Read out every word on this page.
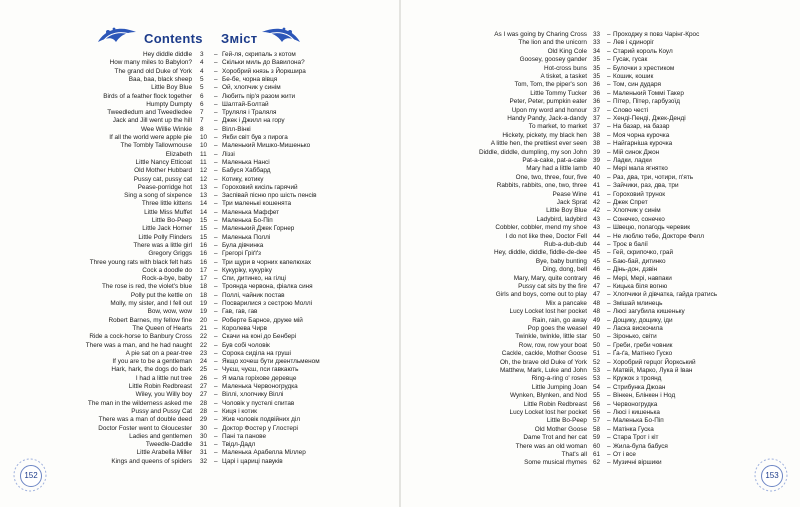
Contents Зміст
Hey diddle diddle 3 – Гей-ля, скрипаль з котом
How many miles to Babylon? 4 – Скільки миль до Вавилона?
The grand old Duke of York 4 – Хоробрий князь з Йоркшира
Baa, baa, black sheep 5 – Бе-бе, чорна вівця
Little Boy Blue 5 – Ой, хлопчик у синім
Birds of a feather flock together 6 – Любить пір'я разом жити
Humpty Dumpty 6 – Шалтай-Болтай
Tweedledum and Tweedledee 7 – Труляля і Траляля
Jack and Jill went up the hill 7 – Джек і Джилл на гору
Wee Willie Winkie 8 – Вілл-Вінкі
If all the world were apple pie 10 – Якби світ був з пирога
The Tombly Tallowmouse 10 – Маленький Мишко-Мишенько
Elizabeth 11 – Ліззі
Little Nancy Etticoat 11 – Маленька Нансі
Old Mother Hubbard 12 – Бабуся Хаббард
Pussy cat, pussy cat 12 – Котику, котику
Pease-porridge hot 13 – Гороховий кисіль гарячий
Sing a song of sixpence 13 – Заспівай пісню про шість пенсів
Three little kittens 14 – Три маленькі кошенята
Little Miss Muffet 14 – Маленька Маффет
Little Bo-Peep 15 – Маленька Бо-Піп
Little Jack Horner 15 – Маленький Джек Горнер
Little Polly Flinders 15 – Маленька Поллі
There was a little girl 16 – Була дівчинка
Gregory Griggs 16 – Грегорі Гріґґз
Three young rats with black felt hats 16 – Три щури в чорних капелюхах
Cock a doodle do 17 – Кукуріку, кукуріку
Rock-a-bye, baby 17 – Спи, дитинко, на гілці
The rose is red, the violet's blue 18 – Троянда червона, фіалка синя
Polly put the kettle on 18 – Поллі, чайник постав
Molly, my sister, and I fell out 19 – Посварилися з сестрою Моллі
Bow, wow, wow 19 – Гав, гав, гав
Robert Barnes, my fellow fine 20 – Роберте Барнсе, друже мій
The Queen of Hearts 21 – Королева Чирв
Ride a cock-horse to Banbury Cross 22 – Скачи на коні до Бенбері
There was a man, and he had naught 22 – Був собі чоловік
A pie sat on a pear-tree 23 – Сорока сиділа на груші
If you are to be a gentleman 24 – Якщо хочеш бути джентльменом
Hark, hark, the dogs do bark 25 – Чуєш, чуєш, пси гавкають
I had a little nut tree 26 – Я мала горіхове деревце
Little Robin Redbreast 27 – Маленька Червоногрудка
Wiley, you Willy boy 27 – Віллі, хлопчику Віллі
The man in the wilderness asked me 28 – Чоловік у пустелі спитав
Pussy and Pussy Cat 28 – Киця і котик
There was a man of double deed 29 – Жив чоловік подвійних діл
Doctor Foster went to Gloucester 30 – Доктор Фостер у Глостері
Ladies and gentlemen 30 – Пані та панове
Tweedle-Daddle 31 – Твідл-Дадл
Little Arabella Miller 31 – Маленька Арабелла Міллер
Kings and queens of spiders 32 – Царі і цариці павуків
152
As I was going by Charing Cross 33 – Проходжу я повз Чарінг-Крос
The lion and the unicorn 33 – Лев і єдиноріг
Old King Cole 34 – Старий король Коул
Goosey, goosey gander 35 – Гусак, гусак
Hot-cross buns 35 – Булочки з хрестиком
A tisket, a tasket 35 – Кошик, кошик
Tom, Tom, the piper's son 36 – Том, син дударя
Little Tommy Tucker 36 – Маленький Томмі Такер
Peter, Peter, pumpkin eater 36 – Пітер, Пітер, гарбузоїд
Upon my word and honour 37 – Слово честі
Handy Pandy, Jack-a-dandy 37 – Хенді-Пенді, Джек-Денді
To market, to market 37 – На базар, на базар
Hickety, pickety, my black hen 38 – Моя чорна курочка
A little hen, the prettiest ever seen 38 – Найгарніша курочка
Diddle, diddle, dumpling, my son John 39 – Мій синок Джон
Pat-a-cake, pat-a-cake 39 – Ладки, ладки
Mary had a little lamb 40 – Мері мала ягнятко
One, two, three, four, five 40 – Раз, два, три, чотири, п'ять
Rabbits, rabbits, one, two, three 41 – Зайчики, раз, два, три
Pease Wine 41 – Гороховий трунок
Jack Sprat 42 – Джек Спрет
Little Boy Blue 42 – Хлопчик у синім
Ladybird, ladybird 43 – Сонечко, сонечко
Cobbler, cobbler, mend my shoe 43 – Швецю, полагодь черевик
I do not like thee, Doctor Fell 44 – Не люблю тебе, Докторе Фелл
Rub-a-dub-dub 44 – Троє в балії
Hey, diddle, diddle, fiddle-de-dee 45 – Гей, скрипочко, грай
Bye, baby bunting 45 – Баю-бай, дитинко
Ding, dong, bell 46 – Дінь-дон, дзвін
Mary, Mary, quite contrary 46 – Мері, Мері, навпаки
Pussy cat sits by the fire 47 – Кицька біля вогню
Girls and boys, come out to play 47 – Хлопчики й дівчатка, гайда гратись
Mix a pancake 48 – Змішай млинець
Lucy Locket lost her pocket 48 – Люсі загубила кишеньку
Rain, rain, go away 49 – Дощику, дощику, іди
Pop goes the weasel 49 – Ласка вискочила
Twinkle, twinkle, little star 50 – Зіронько, світи
Row, row, row your boat 50 – Греби, греби човник
Cackle, cackle, Mother Goose 51 – Ґа-ґа, Матінко Гуско
Oh, the brave old Duke of York 52 – Хоробрий герцог Йоркський
Matthew, Mark, Luke and John 53 – Матвій, Марко, Лука й Іван
Ring-a-ring o' roses 53 – Кружок з троянд
Little Jumping Joan 54 – Стрибунка Джоан
Wynken, Blynken, and Nod 55 – Вінкен, Блінкен і Нод
Little Robin Redbreast 56 – Червоногрудка
Lucy Locket lost her pocket 56 – Люсі і кишенька
Little Bo-Peep 57 – Маленька Бо-Піп
Old Mother Goose 58 – Матінка Гуска
Dame Trot and her cat 59 – Стара Трот і кіт
There was an old woman 60 – Жила-була бабуся
That's all 61 – От і все
Some musical rhymes 62 – Музичні віршики
153
